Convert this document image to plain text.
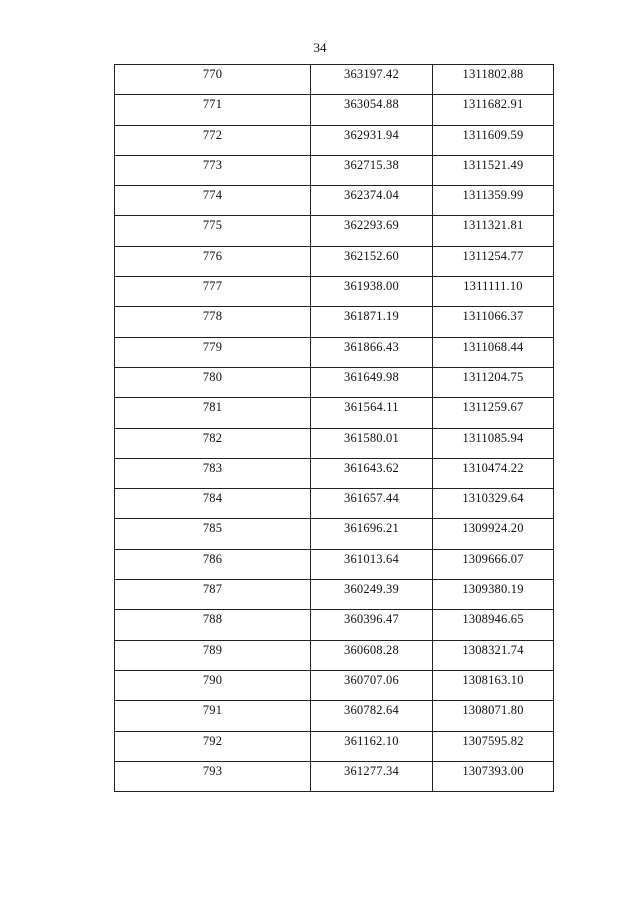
34
770	363197.42	1311802.88
771	363054.88	1311682.91
772	362931.94	1311609.59
773	362715.38	1311521.49
774	362374.04	1311359.99
775	362293.69	1311321.81
776	362152.60	1311254.77
777	361938.00	1311111.10
778	361871.19	1311066.37
779	361866.43	1311068.44
780	361649.98	1311204.75
781	361564.11	1311259.67
782	361580.01	1311085.94
783	361643.62	1310474.22
784	361657.44	1310329.64
785	361696.21	1309924.20
786	361013.64	1309666.07
787	360249.39	1309380.19
788	360396.47	1308946.65
789	360608.28	1308321.74
790	360707.06	1308163.10
791	360782.64	1308071.80
792	361162.10	1307595.82
793	361277.34	1307393.00
